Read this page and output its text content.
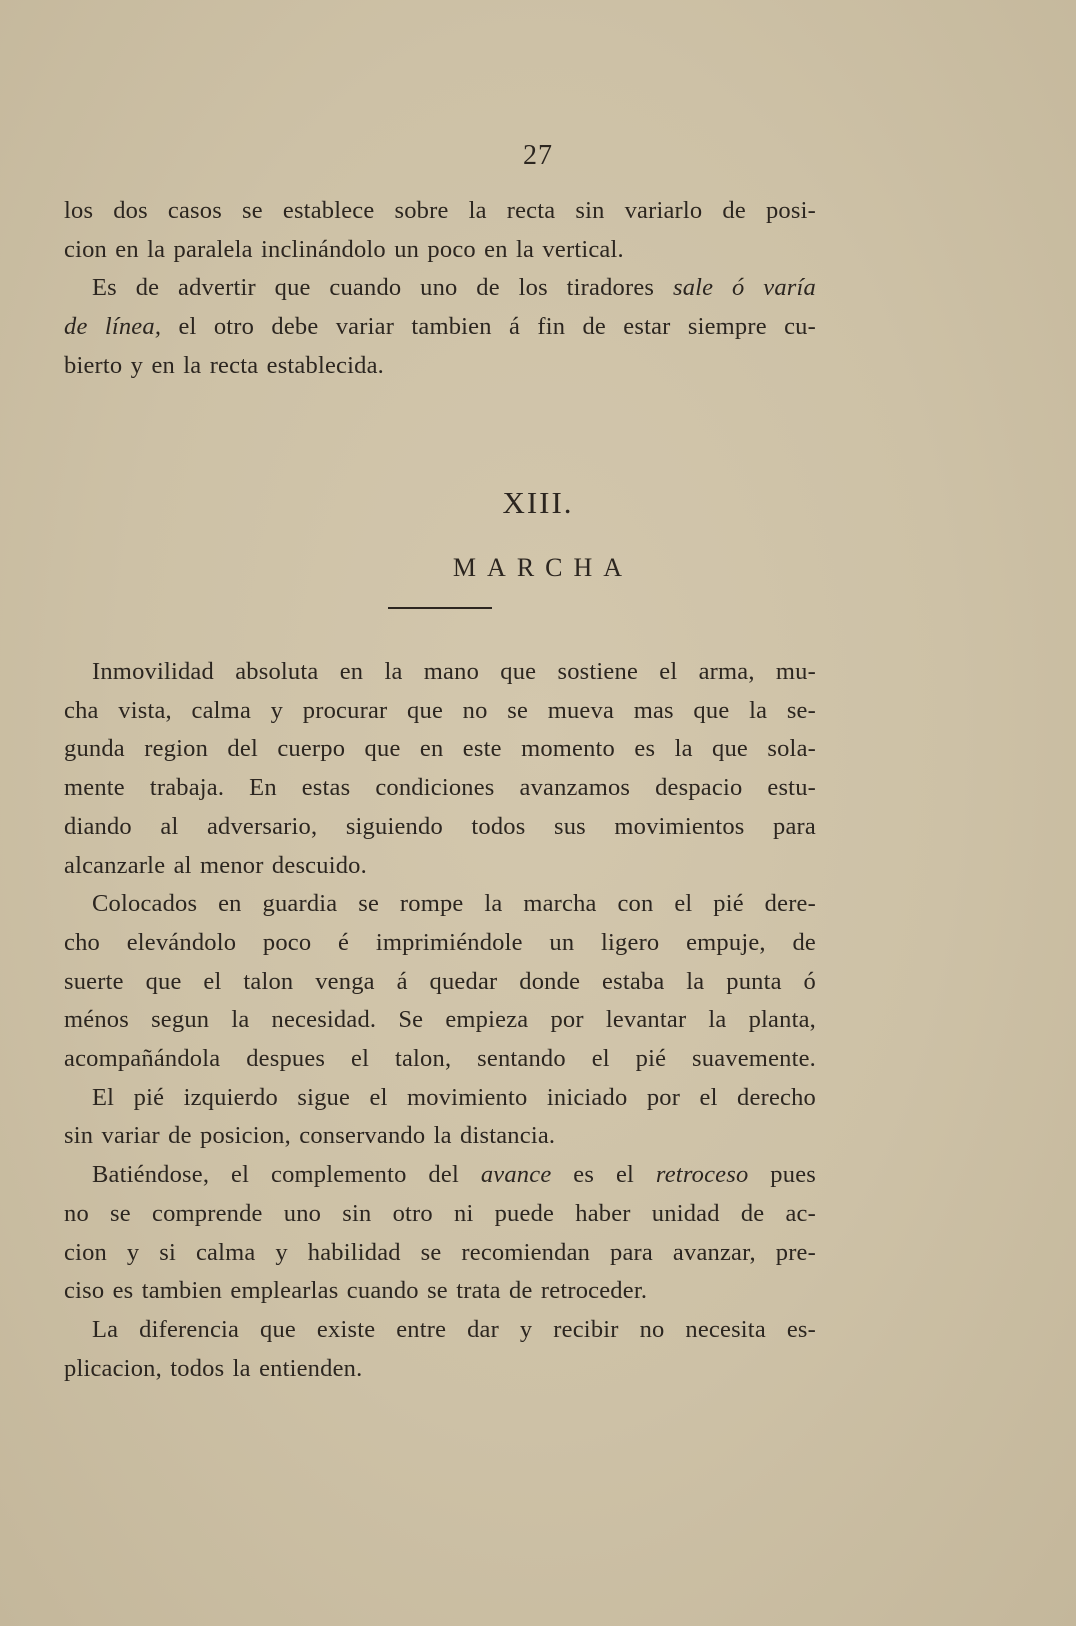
27

los dos casos se establece sobre la recta sin variarlo de posi-
cion en la paralela inclinándolo un poco en la vertical.

Es de advertir que cuando uno de los tiradores sale ó varía
de línea, el otro debe variar tambien á fin de estar siempre cu-
bierto y en la recta establecida.

XIII.
MARCHA

Inmovilidad absoluta en la mano que sostiene el arma, mu-
cha vista, calma y procurar que no se mueva mas que la se-
gunda region del cuerpo que en este momento es la que sola-
mente trabaja. En estas condiciones avanzamos despacio estu-
diando al adversario, siguiendo todos sus movimientos para
alcanzarle al menor descuido.

Colocados en guardia se rompe la marcha con el pié dere-
cho elevándolo poco é imprimiéndole un ligero empuje, de
suerte que el talon venga á quedar donde estaba la punta ó
ménos segun la necesidad. Se empieza por levantar la planta,
acompañándola despues el talon, sentando el pié suavemente.

El pié izquierdo sigue el movimiento iniciado por el derecho
sin variar de posicion, conservando la distancia.

Batiéndose, el complemento del avance es el retroceso pues
no se comprende uno sin otro ni puede haber unidad de ac-
cion y si calma y habilidad se recomiendan para avanzar, pre-
ciso es tambien emplearlas cuando se trata de retroceder.

La diferencia que existe entre dar y recibir no necesita es-
plicacion, todos la entienden.
